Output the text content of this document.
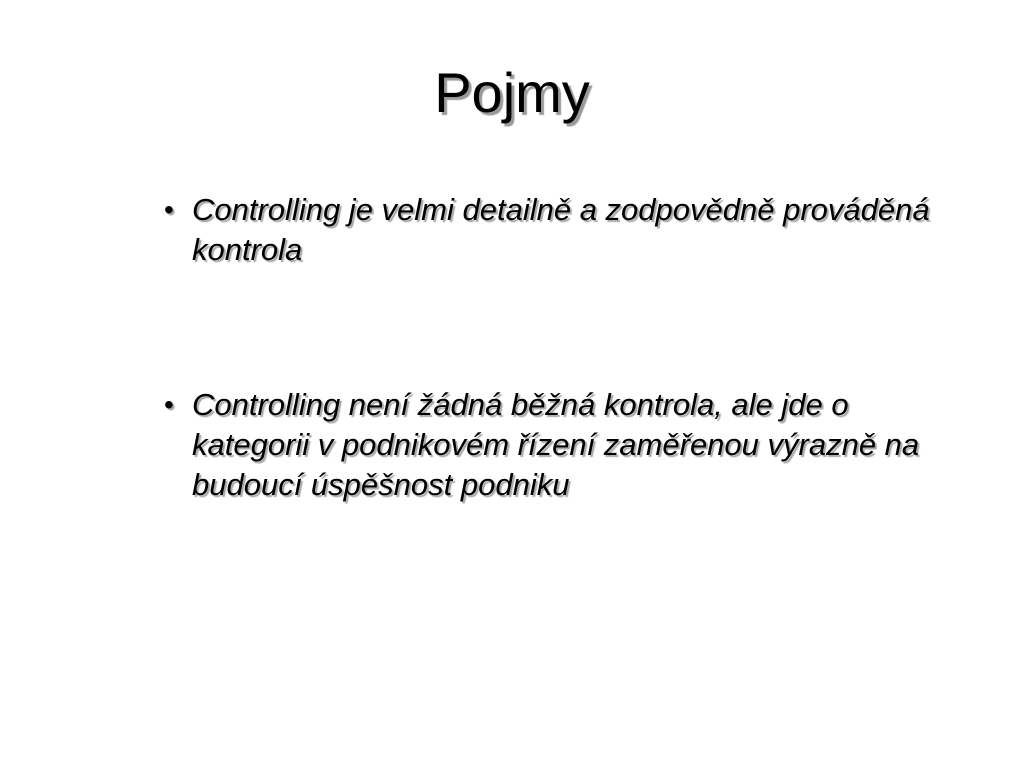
Pojmy
• Controlling je velmi detailně a zodpovědně prováděná kontrola
• Controlling není žádná běžná kontrola, ale jde o kategorii v podnikovém řízení zaměřenou výrazně na budoucí úspěšnost podniku
